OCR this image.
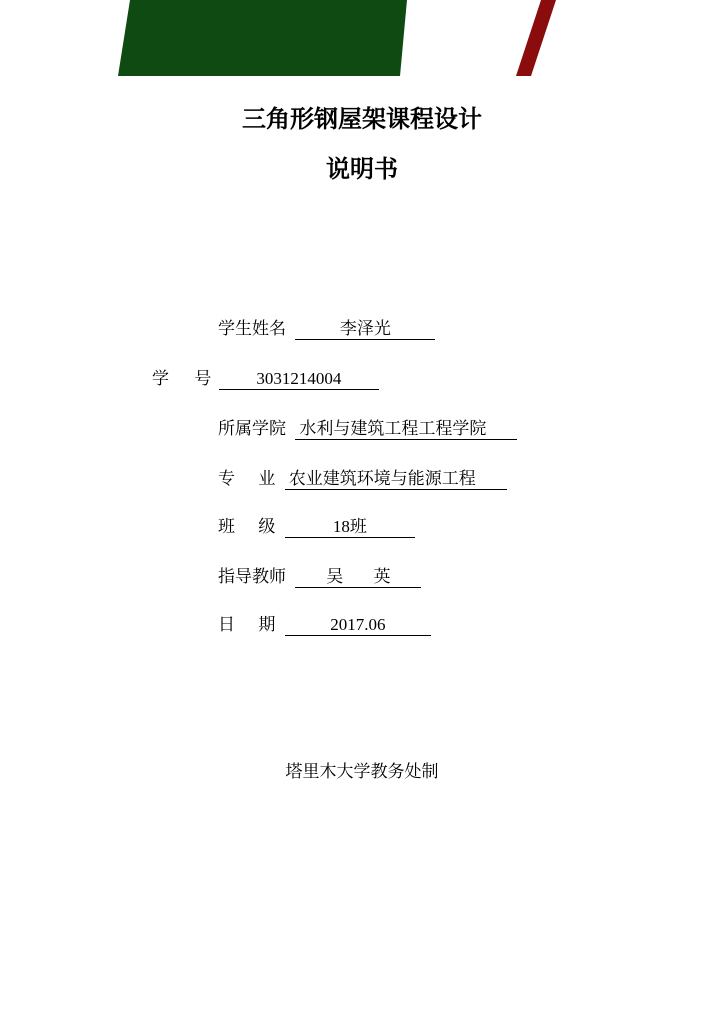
三角形钢屋架课程设计
说明书
学生姓名	李泽光
学 号	3031214004
所属学院 水利与建筑工程工程学院
专 业 农业建筑环境与能源工程
班 级	18班
指导教师 吴 英
日 期	2017.06
塔里木大学教务处制
